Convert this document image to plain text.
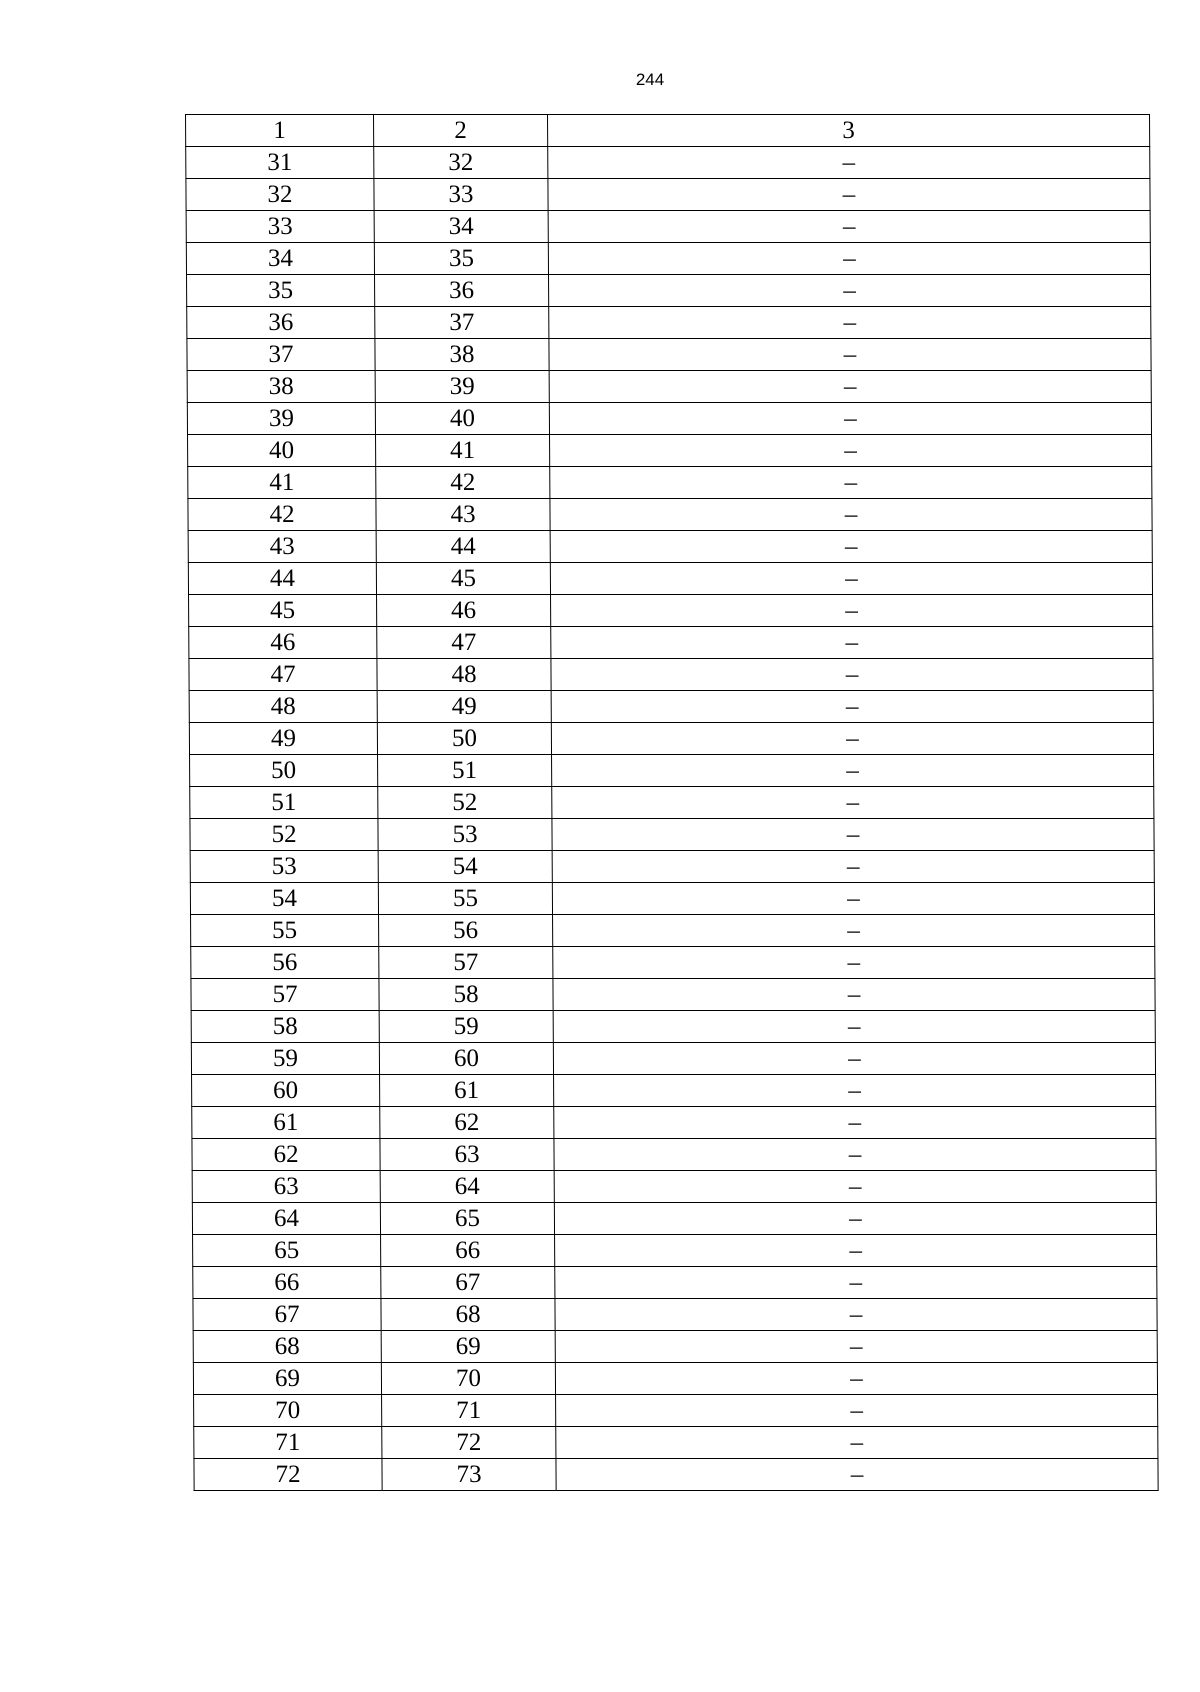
244
1	2	3
31	32	–
32	33	–
33	34	–
34	35	–
35	36	–
36	37	–
37	38	–
38	39	–
39	40	–
40	41	–
41	42	–
42	43	–
43	44	–
44	45	–
45	46	–
46	47	–
47	48	–
48	49	–
49	50	–
50	51	–
51	52	–
52	53	–
53	54	–
54	55	–
55	56	–
56	57	–
57	58	–
58	59	–
59	60	–
60	61	–
61	62	–
62	63	–
63	64	–
64	65	–
65	66	–
66	67	–
67	68	–
68	69	–
69	70	–
70	71	–
71	72	–
72	73	–
